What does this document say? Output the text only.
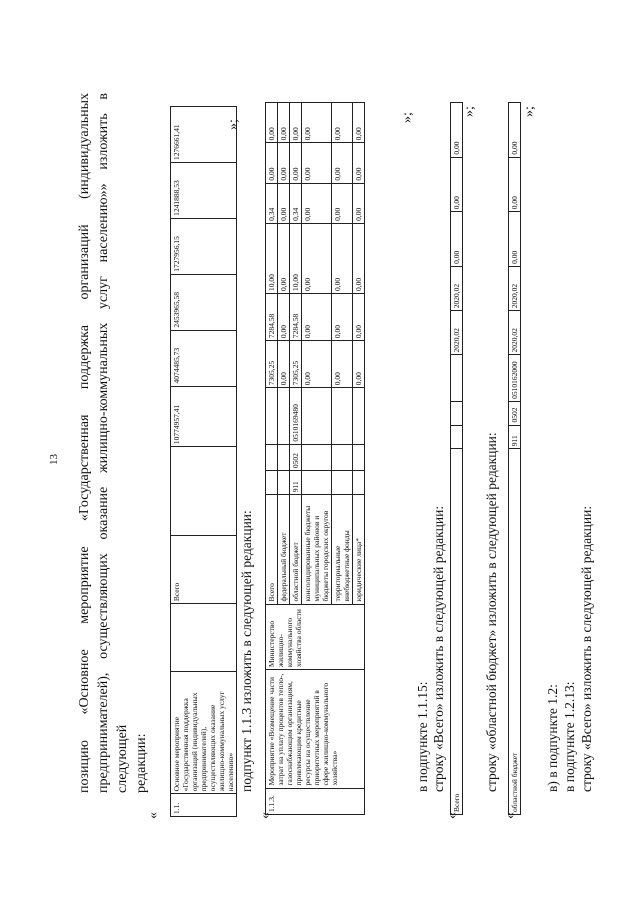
13 позицию «Основное мероприятие «Государственная поддержка организаций (индивидуальных предпринимателей), осуществляющих оказание жилищно-коммунальных услуг населению»» изложить в следующей редакции:
«
1.1.	Основное мероприятие «Государственная поддержка организаций (индивидуальных предпринимателей), осуществляющих оказание жилищно-коммунальных услуг населению»		Всего		10774957,41	4074485,73	2453965,58	1727956,15	1241888,53	1276661,41	»;
подпункт 1.1.3 изложить в следующей редакции:
«
1.1.3.	Мероприятие «Возмещение части затрат на уплату процентов тепло-, газоснабжающим организациям, привлекающим кредитные ресурсы на осуществление приоритетных мероприятий в сфере жилищно-коммунального хозяйства»	Министерство жилищно-коммунального хозяйства области	Всего				7305,25	7284,58	10,00	0,34	0,00	0,00
			федеральный бюджет				0,00	0,00	0,00	0,00	0,00	0,00
			областной бюджет	911	0502	0510169480	7305,25	7284,58	10,00	0,34	0,00	0,00
			консолидированные бюджеты муниципальных районов и бюджеты городских округов				0,00	0,00	0,00	0,00	0,00	0,00
			территориальные внебюджетные фонды				0,00	0,00	0,00	0,00	0,00	0,00
			юридические лица*				0,00	0,00	0,00	0,00	0,00	0,00
»;
в подпункте 1.1.15: строку «Всего» изложить в следующей редакции:
«
Всего				2020,02	2020,02	0,00	0,00	0,00
»;
строку «областной бюджет» изложить в следующей редакции:
«
областной бюджет	911	0502	0510162000	2020,02	2020,02	0,00	0,00	0,00
»;
в) в подпункте 1.2: в подпункте 1.2.13: строку «Всего» изложить в следующей редакции:
